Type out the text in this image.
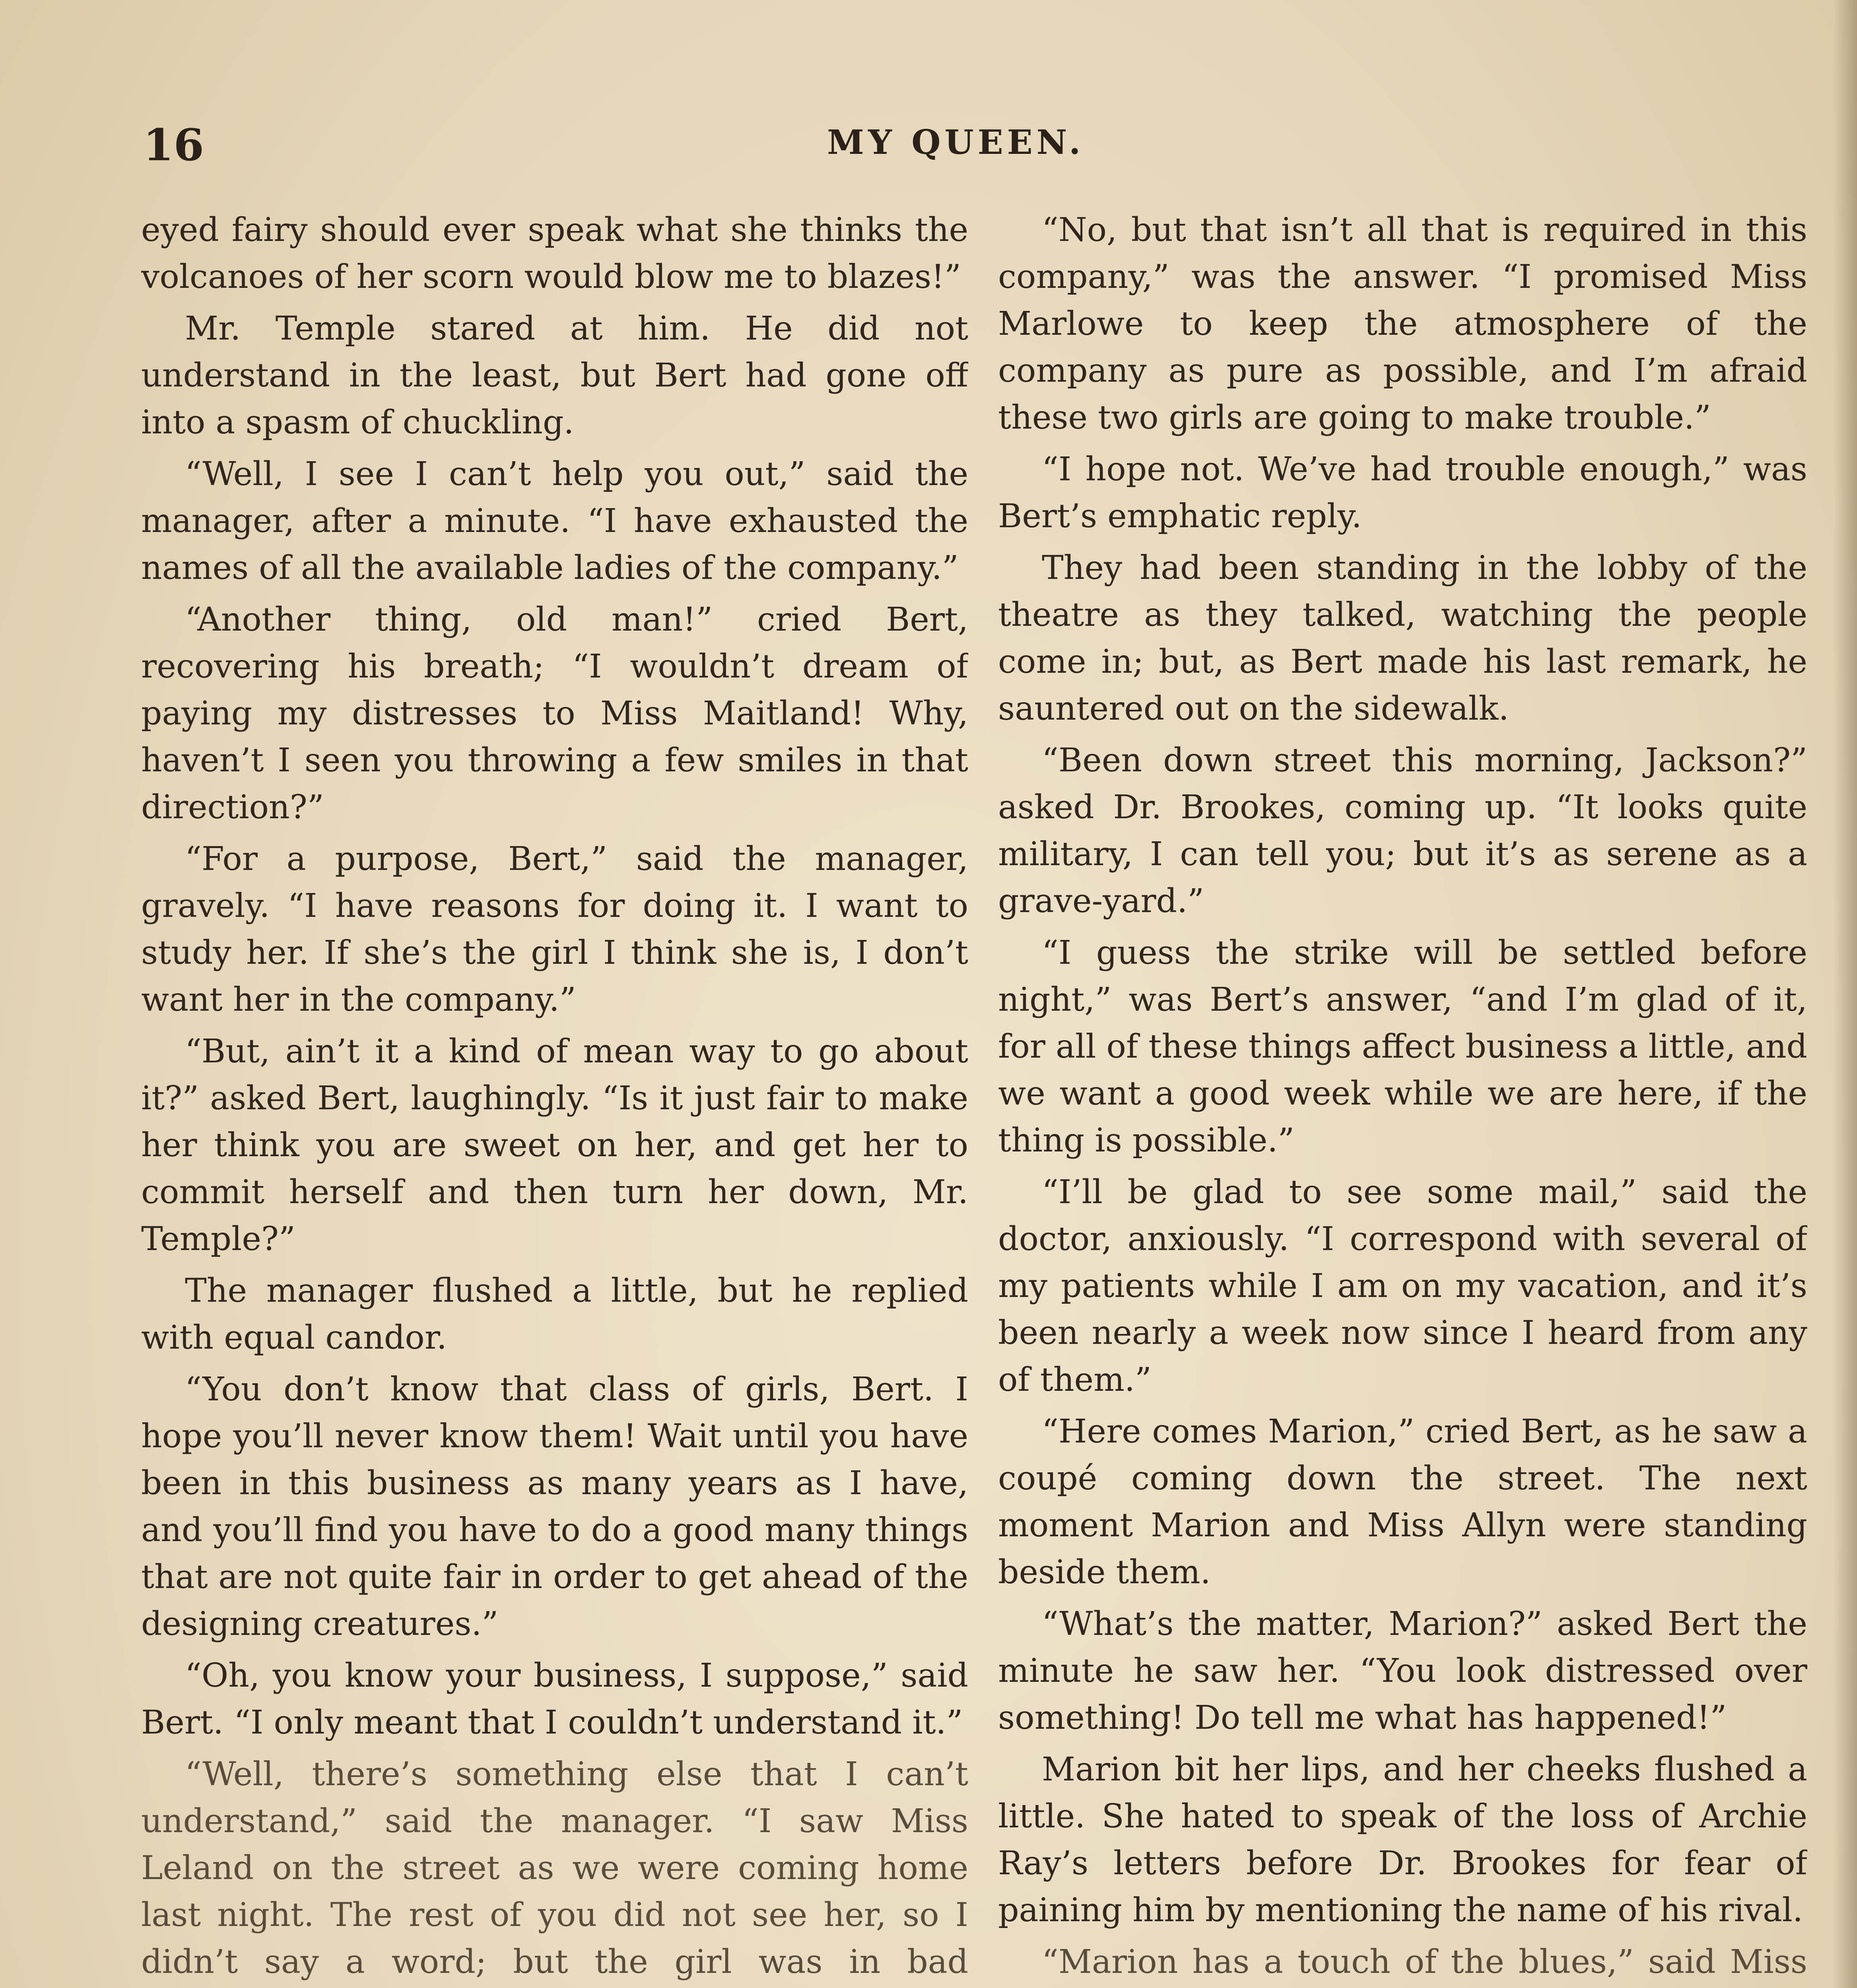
16	MY QUEEN.

eyed fairy should ever speak what she thinks the volcanoes of her scorn would blow me to blazes!”

Mr. Temple stared at him. He did not understand in the least, but Bert had gone off into a spasm of chuckling.

“Well, I see I can’t help you out,” said the manager, after a minute. “I have exhausted the names of all the available ladies of the company.”

“Another thing, old man!” cried Bert, recovering his breath; “I wouldn’t dream of paying my distresses to Miss Maitland! Why, haven’t I seen you throwing a few smiles in that direction?”

“For a purpose, Bert,” said the manager, gravely. “I have reasons for doing it. I want to study her. If she’s the girl I think she is, I don’t want her in the company.”

“But, ain’t it a kind of mean way to go about it?” asked Bert, laughingly. “Is it just fair to make her think you are sweet on her, and get her to commit herself and then turn her down, Mr. Temple?”

The manager flushed a little, but he replied with equal candor.

“You don’t know that class of girls, Bert. I hope you’ll never know them! Wait until you have been in this business as many years as I have, and you’ll find you have to do a good many things that are not quite fair in order to get ahead of the designing creatures.”

“Oh, you know your business, I suppose,” said Bert. “I only meant that I couldn’t understand it.”

“Well, there’s something else that I can’t understand,” said the manager. “I saw Miss Leland on the street as we were coming home last night. The rest of you did not see her, so I didn’t say a word; but the girl was in bad

“No, but that isn’t all that is required in this company,” was the answer. “I promised Miss Marlowe to keep the atmosphere of the company as pure as possible, and I’m afraid these two girls are going to make trouble.”

“I hope not. We’ve had trouble enough,” was Bert’s emphatic reply.

They had been standing in the lobby of the theatre as they talked, watching the people come in; but, as Bert made his last remark, he sauntered out on the sidewalk.

“Been down street this morning, Jackson?” asked Dr. Brookes, coming up. “It looks quite military, I can tell you; but it’s as serene as a grave-yard.”

“I guess the strike will be settled before night,” was Bert’s answer, “and I’m glad of it, for all of these things affect business a little, and we want a good week while we are here, if the thing is possible.”

“I’ll be glad to see some mail,” said the doctor, anxiously. “I correspond with several of my patients while I am on my vacation, and it’s been nearly a week now since I heard from any of them.”

“Here comes Marion,” cried Bert, as he saw a coupé coming down the street. The next moment Marion and Miss Allyn were standing beside them.

“What’s the matter, Marion?” asked Bert the minute he saw her. “You look distressed over something! Do tell me what has happened!”

Marion bit her lips, and her cheeks flushed a little. She hated to speak of the loss of Archie Ray’s letters before Dr. Brookes for fear of paining him by mentioning the name of his rival.

“Marion has a touch of the blues,” said Miss
